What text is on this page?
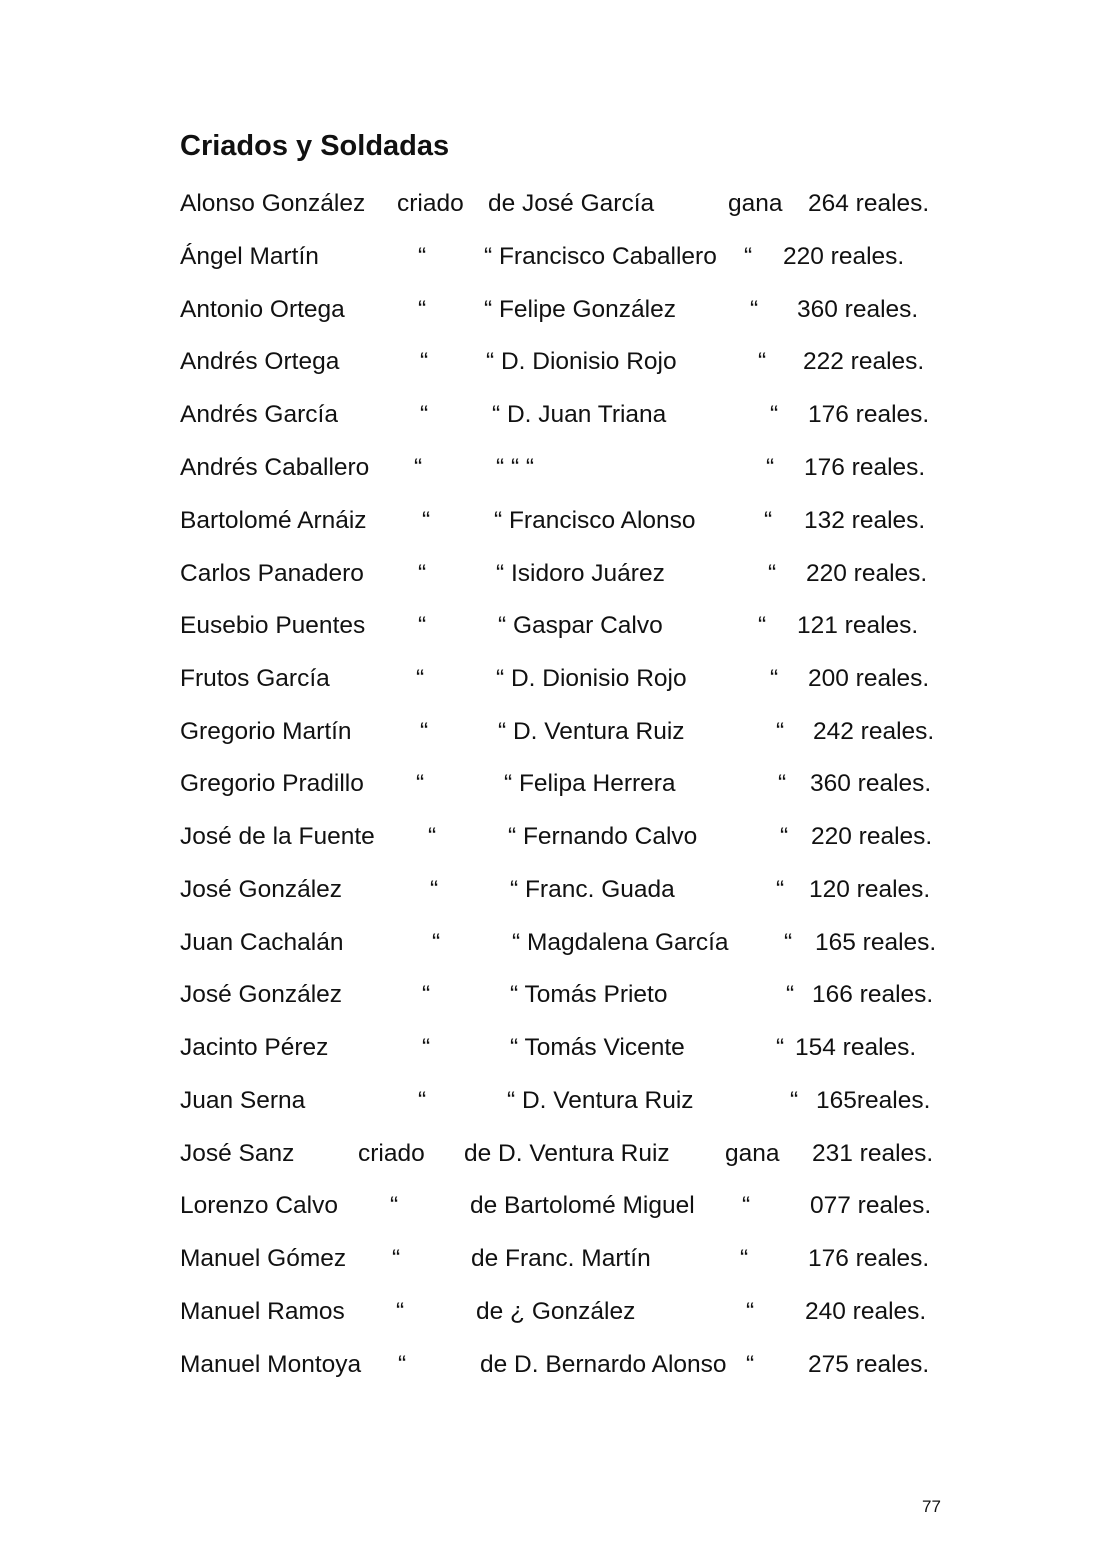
Criados y Soldadas
Alonso González criado de José García	gana 264 reales.
Ángel Martín	“ “ Francisco Caballero “ 220 reales.
Antonio Ortega	“ “ Felipe González	“ 360 reales.
Andrés Ortega	“ “ D. Dionisio Rojo	“ 222 reales.
Andrés García	“	“ D. Juan Triana	“ 176 reales.
Andrés Caballero “	“ “ “	“ 176 reales.
Bartolomé Arnáiz “	“ Francisco Alonso	“ 132 reales.
Carlos Panadero “	“ Isidoro Juárez	“ 220 reales.
Eusebio Puentes “	“ Gaspar Calvo	“ 121 reales.
Frutos García	“	“ D. Dionisio Rojo	“ 200 reales.
Gregorio Martín	“	“ D. Ventura Ruiz	“ 242 reales.
Gregorio Pradillo “	“ Felipa Herrera	“ 360 reales.
José de la Fuente “	“ Fernando Calvo	“ 220 reales.
José González	“	“ Franc. Guada	“ 120 reales.
Juan Cachalán	“	“ Magdalena García “ 165 reales.
José González	“	“ Tomás Prieto	“ 166 reales.
Jacinto Pérez	“	“ Tomás Vicente	“ 154 reales.
Juan Serna	“	“ D. Ventura Ruiz	“ 165reales.
José Sanz	criado de D. Ventura Ruiz gana 231 reales.
Lorenzo Calvo “	de Bartolomé Miguel “ 077 reales.
Manuel Gómez “	de Franc. Martín	“ 176 reales.
Manuel Ramos “	de ¿ González	“ 240 reales.
Manuel Montoya “	de D. Bernardo Alonso “ 275 reales.
77
